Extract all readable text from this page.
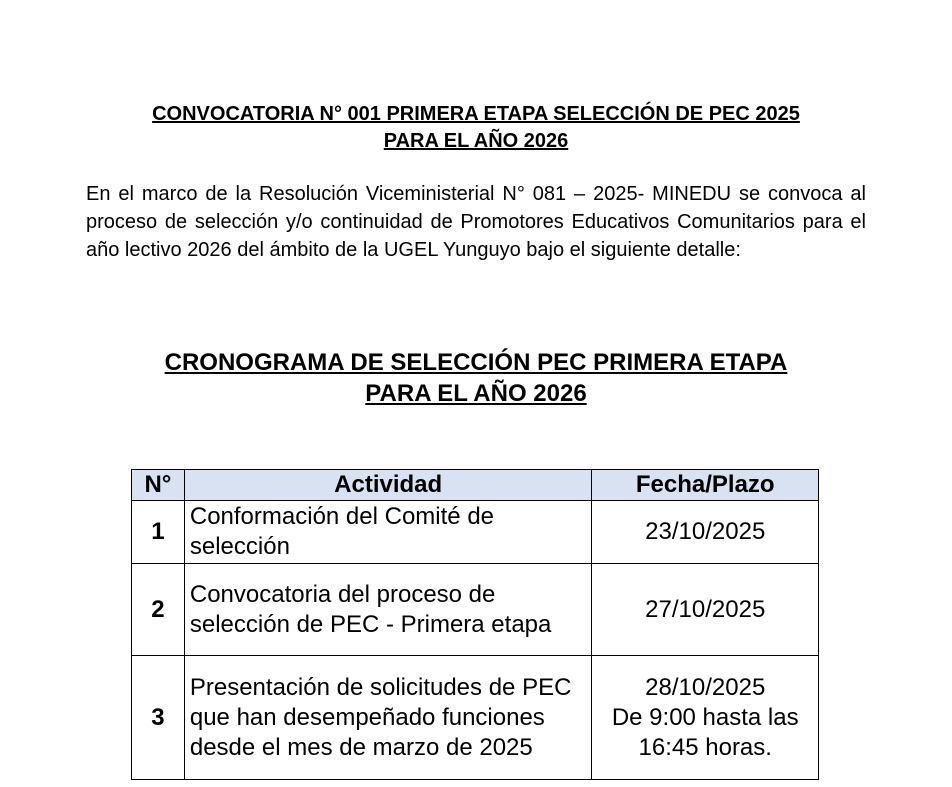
CONVOCATORIA N° 001 PRIMERA ETAPA SELECCIÓN DE PEC 2025
PARA EL AÑO 2026

En el marco de la Resolución Viceministerial N° 081 – 2025- MINEDU se convoca al proceso de selección y/o continuidad de Promotores Educativos Comunitarios para el año lectivo 2026 del ámbito de la UGEL Yunguyo bajo el siguiente detalle:

CRONOGRAMA DE SELECCIÓN PEC PRIMERA ETAPA
PARA EL AÑO 2026
N°	Actividad	Fecha/Plazo
1	Conformación del Comité de selección	23/10/2025

2	Convocatoria del proceso de selección de PEC - Primera etapa	27/10/2025

3	Presentación de solicitudes de PEC que han desempeñado funciones desde el mes de marzo de 2025	28/10/2025
De 9:00 hasta las
16:45 horas.
